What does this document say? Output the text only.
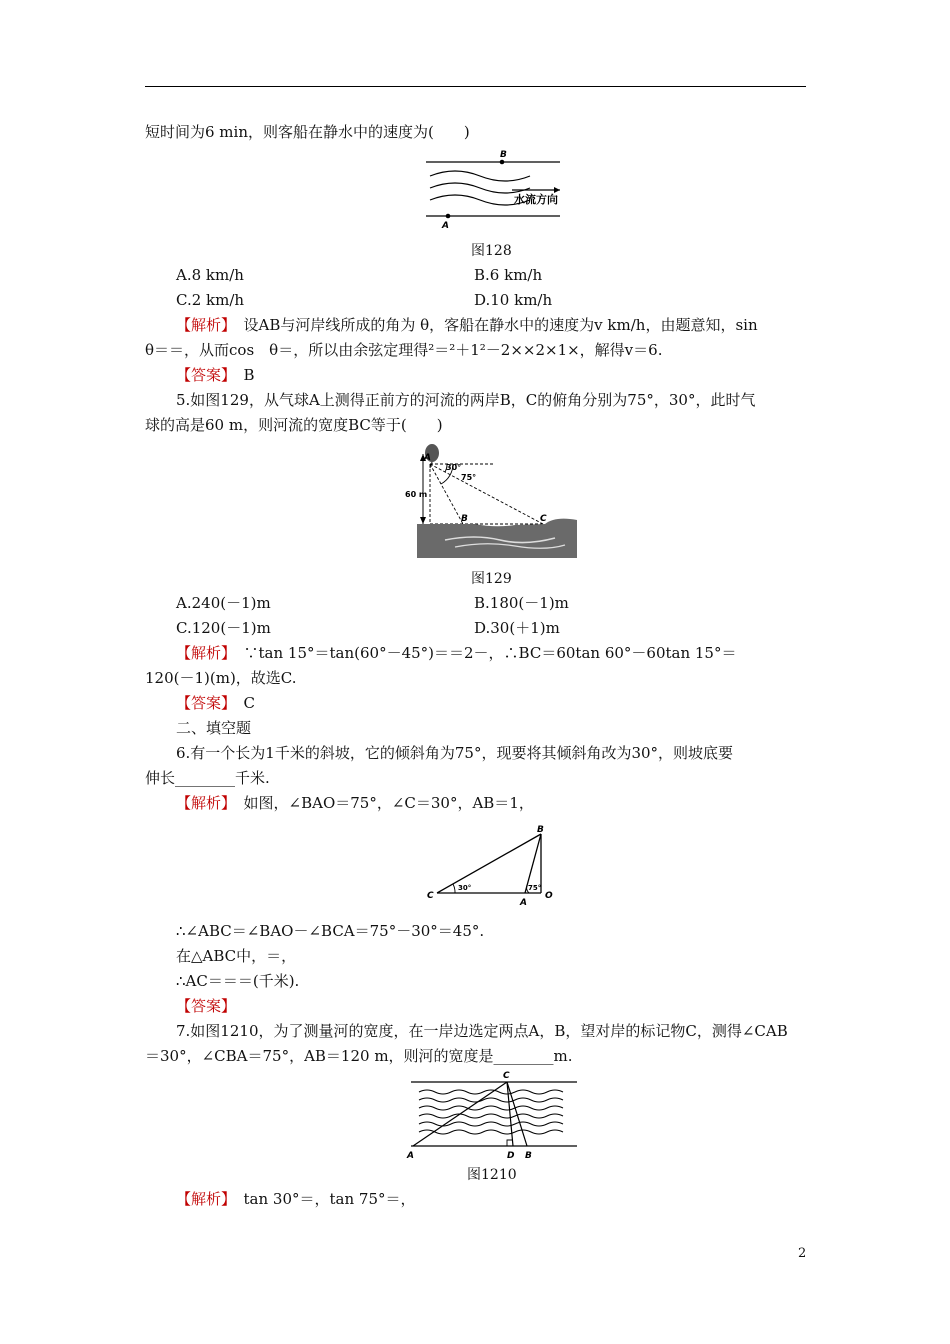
短时间为6 min，则客船在静水中的速度为(　　)
B
A
水流方向
图128
A.8 km/h	B.6 km/h
C.2 km/h	D.10 km/h
【解析】　设AB与河岸线所成的角为 θ，客船在静水中的速度为v km/h，由题意知，sin
θ＝＝，从而cos　θ＝，所以由余弦定理得²＝²＋1²－2××2×1×，解得v＝6.
【答案】　B
5.如图129，从气球A上测得正前方的河流的两岸B，C的俯角分别为75°，30°，此时气
球的高是60 m，则河流的宽度BC等于(　　)
A
30°
75°
60 m
B	C
图129
A.240(－1)m	B.180(－1)m
C.120(－1)m	D.30(＋1)m
【解析】　∵tan 15°＝tan(60°－45°)＝＝2－，∴BC＝60tan 60°－60tan 15°＝
120(－1)(m)，故选C.
【答案】　C
二、填空题
6.有一个长为1千米的斜坡，它的倾斜角为75°，现要将其倾斜角改为30°，则坡底要
伸长________千米.
【解析】　如图，∠BAO＝75°，∠C＝30°，AB＝1，
B
C
A
O
30°	75°
∴∠ABC＝∠BAO－∠BCA＝75°－30°＝45°.
在△ABC中，＝，
∴AC＝＝＝(千米).
【答案】
7.如图1210，为了测量河的宽度，在一岸边选定两点A，B，望对岸的标记物C，测得∠CAB
＝30°，∠CBA＝75°，AB＝120 m，则河的宽度是________m.
C
A	D B
图1210
【解析】　tan 30°＝，tan 75°＝，
2
